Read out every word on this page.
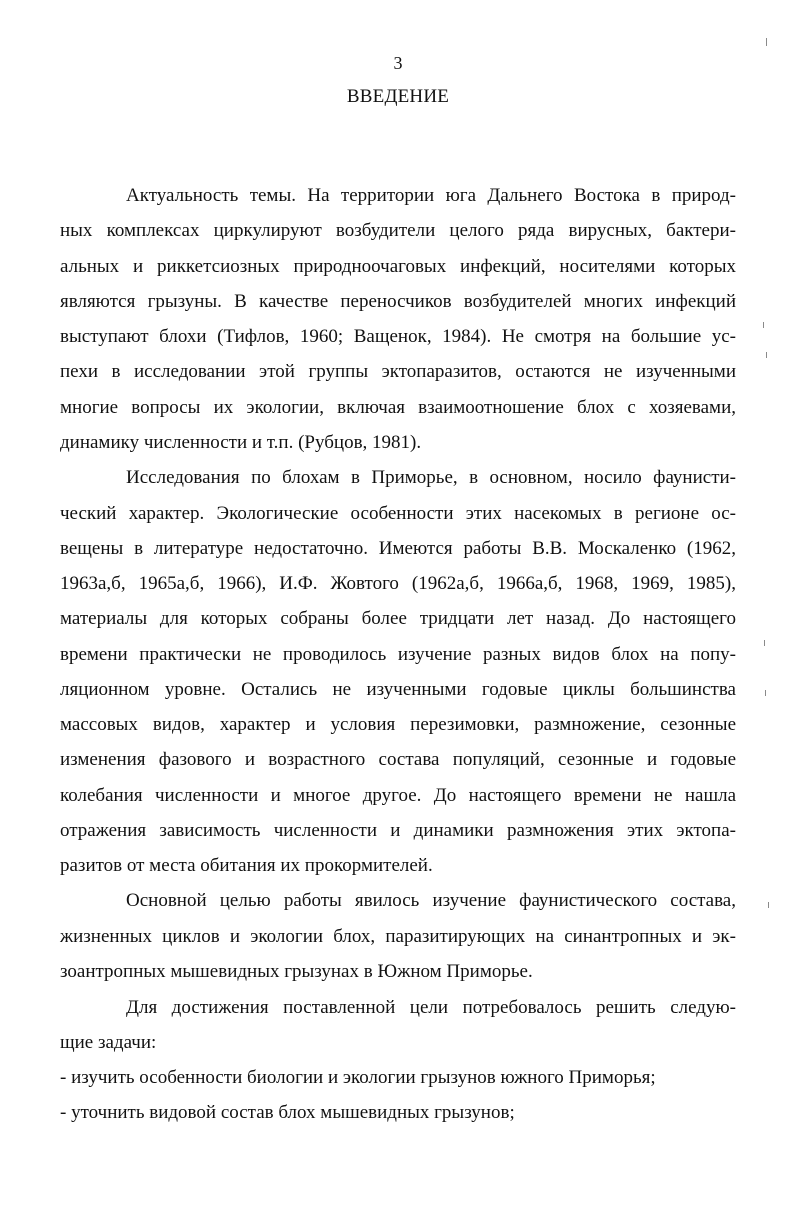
3
ВВЕДЕНИЕ
Актуальность темы. На территории юга Дальнего Востока в природ-
ных комплексах циркулируют возбудители целого ряда вирусных, бактери-
альных и риккетсиозных природноочаговых инфекций, носителями которых
являются грызуны. В качестве переносчиков возбудителей многих инфекций
выступают блохи (Тифлов, 1960; Ващенок, 1984). Не смотря на большие ус-
пехи в исследовании этой группы эктопаразитов, остаются не изученными
многие вопросы их экологии, включая взаимоотношение блох с хозяевами,
динамику численности и т.п. (Рубцов, 1981).
Исследования по блохам в Приморье, в основном, носило фаунисти-
ческий характер. Экологические особенности этих насекомых в регионе ос-
вещены в литературе недостаточно. Имеются работы В.В. Москаленко (1962,
1963а,б, 1965а,б, 1966), И.Ф. Жовтого (1962а,б, 1966а,б, 1968, 1969, 1985),
материалы для которых собраны более тридцати лет назад. До настоящего
времени практически не проводилось изучение разных видов блох на попу-
ляционном уровне. Остались не изученными годовые циклы большинства
массовых видов, характер и условия перезимовки, размножение, сезонные
изменения фазового и возрастного состава популяций, сезонные и годовые
колебания численности и многое другое. До настоящего времени не нашла
отражения зависимость численности и динамики размножения этих эктопа-
разитов от места обитания их прокормителей.
Основной целью работы явилось изучение фаунистического состава,
жизненных циклов и экологии блох, паразитирующих на синантропных и эк-
зоантропных мышевидных грызунах в Южном Приморье.
Для достижения поставленной цели потребовалось решить следую-
щие задачи:
- изучить особенности биологии и экологии грызунов южного Приморья;
- уточнить видовой состав блох мышевидных грызунов;
